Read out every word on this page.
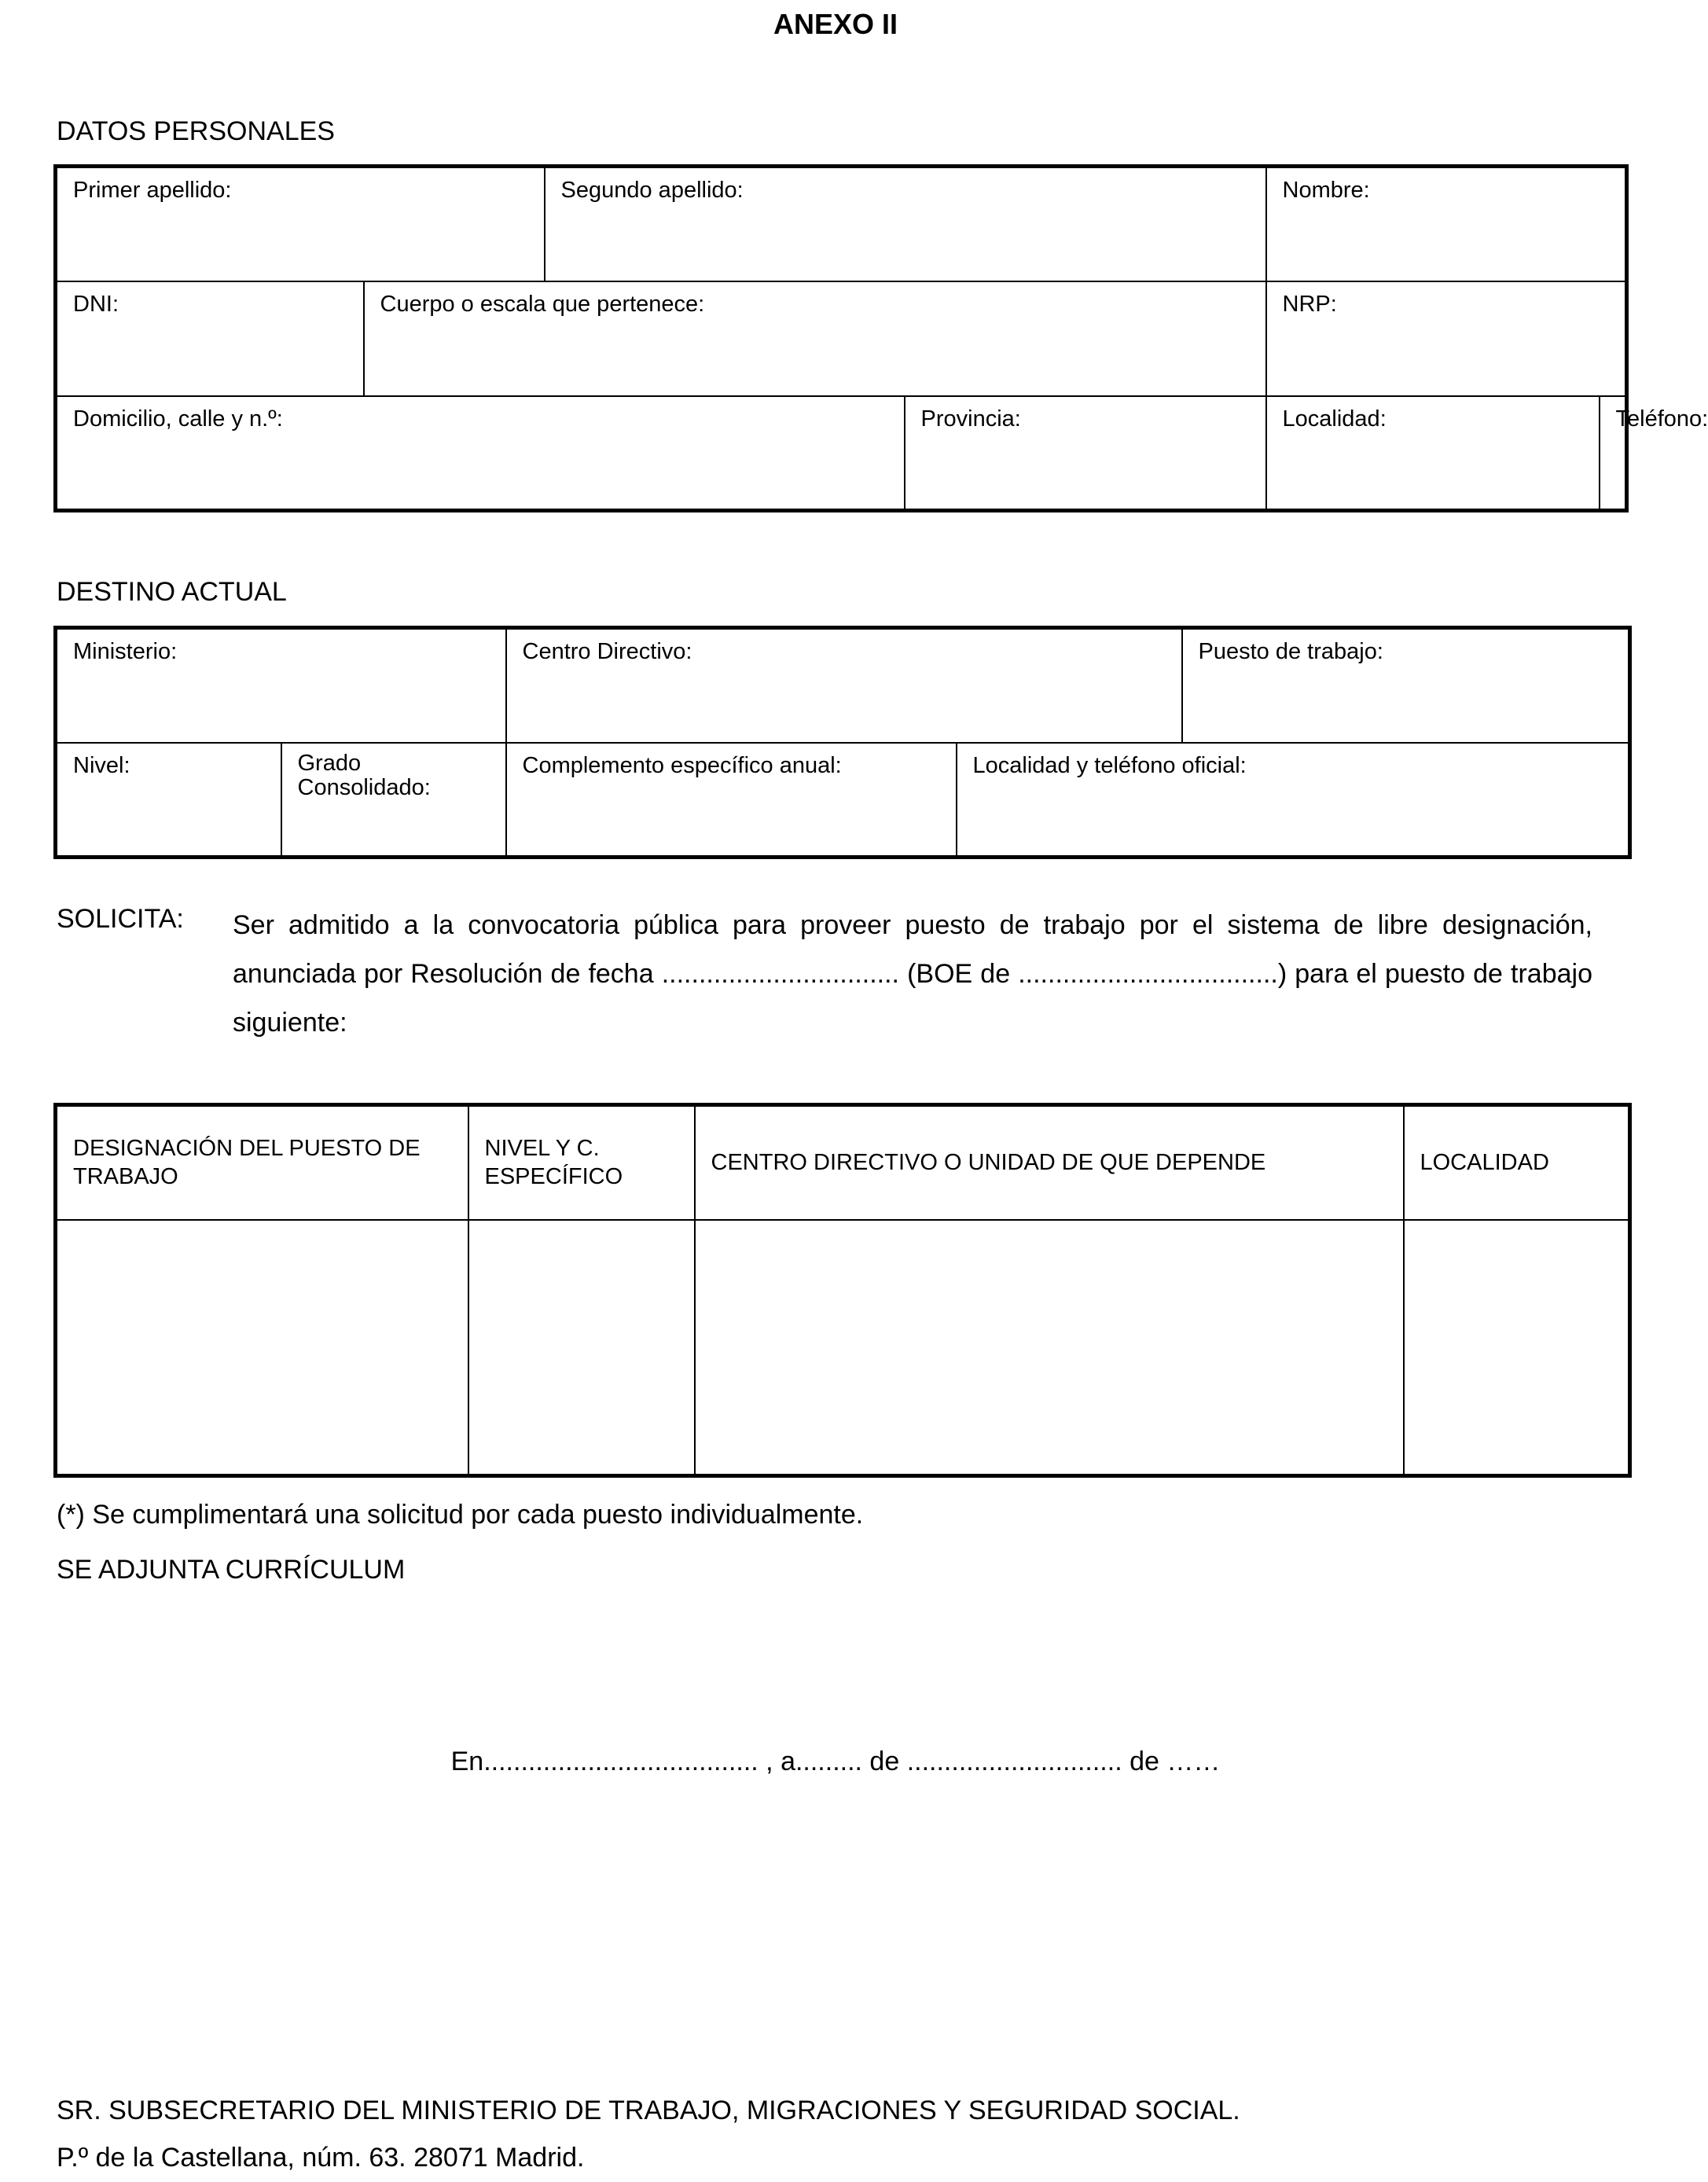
ANEXO II
DATOS PERSONALES
Primer apellido:		Segundo apellido:		Nombre:	
DNI:	Cuerpo o escala que pertenece:			NRP:	
Domicilio, calle y n.º:			Provincia:	Localidad:	Teléfono:
DESTINO ACTUAL
Ministerio:		Centro Directivo:		Puesto de trabajo:
Nivel:	Grado Consolidado:	Complemento específico anual:	Localidad y teléfono oficial:	
SOLICITA: Ser admitido a la convocatoria pública para proveer puesto de trabajo por el sistema de libre designación, anunciada por Resolución de fecha ................................ (BOE de ...................................) para el puesto de trabajo siguiente:
DESIGNACIÓN DEL PUESTO DE TRABAJO	NIVEL Y C. ESPECÍFICO	CENTRO DIRECTIVO O UNIDAD DE QUE DEPENDE	LOCALIDAD

(*) Se cumplimentará una solicitud por cada puesto individualmente.
SE ADJUNTA CURRÍCULUM
En..................................... , a......... de ............................. de ……
SR. SUBSECRETARIO DEL MINISTERIO DE TRABAJO, MIGRACIONES Y SEGURIDAD SOCIAL.
P.º de la Castellana, núm. 63. 28071 Madrid.
